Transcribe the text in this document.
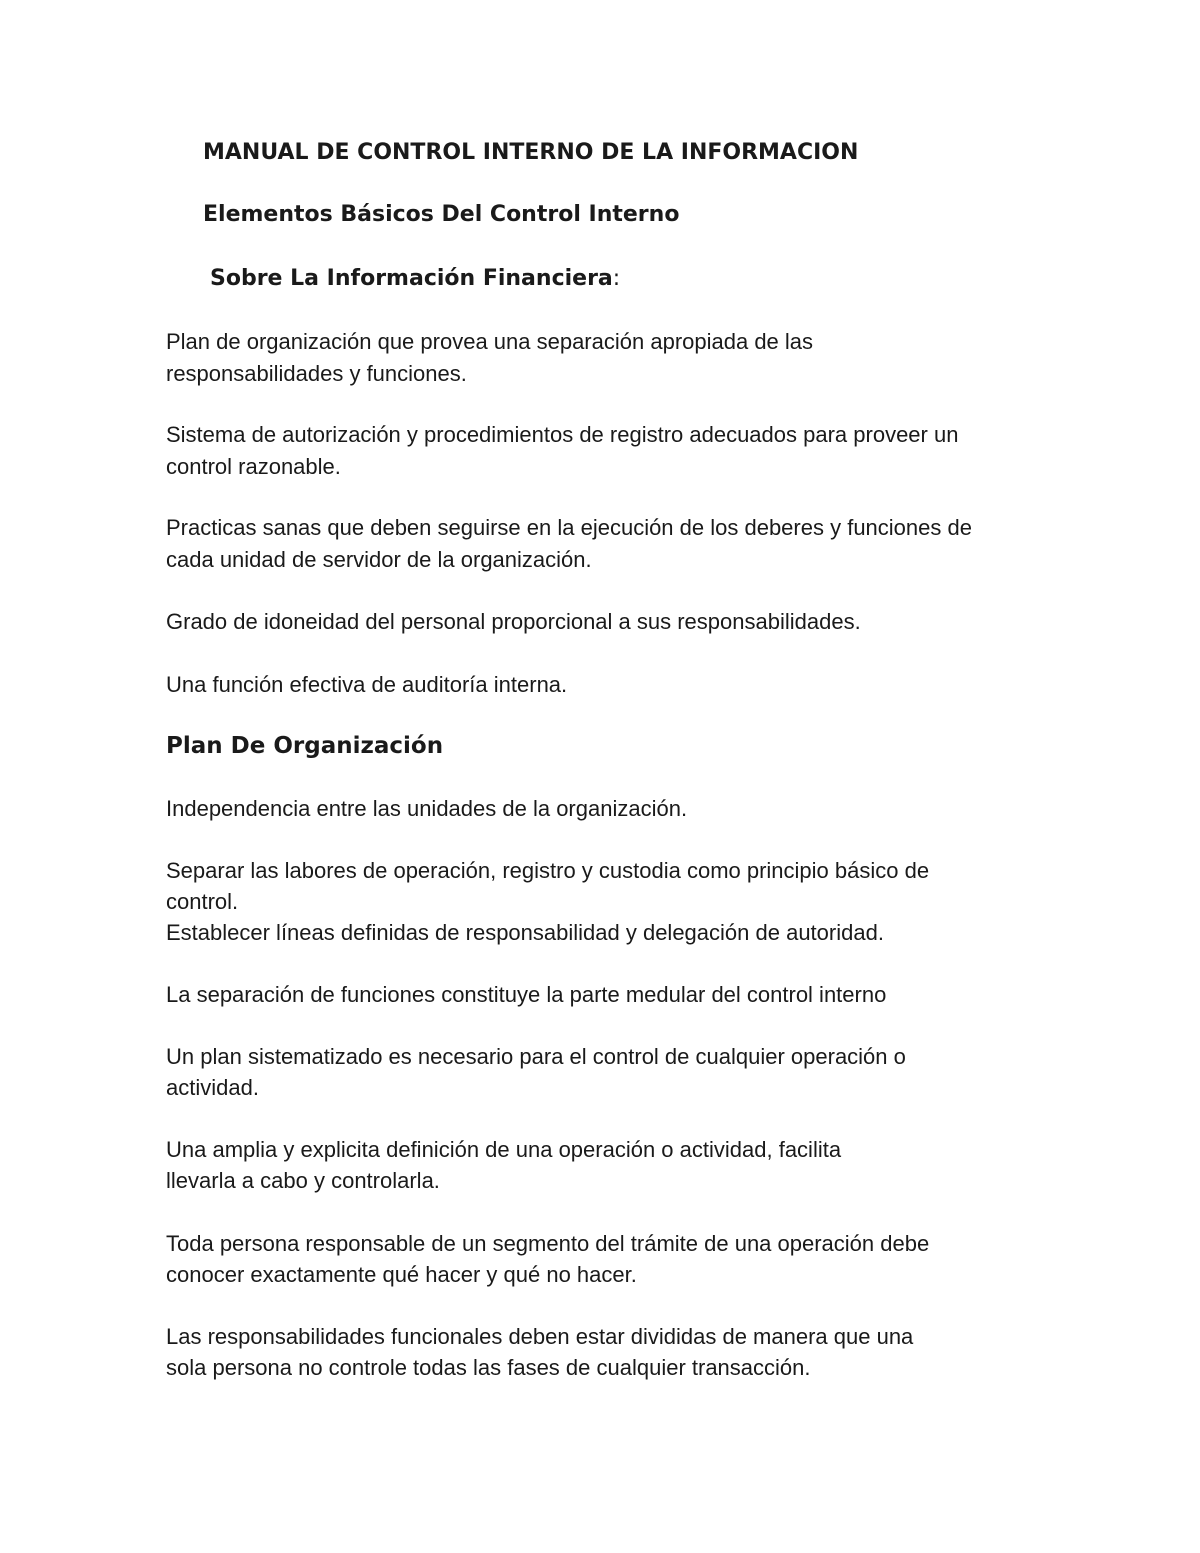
MANUAL DE CONTROL INTERNO DE LA INFORMACION

Elementos Básicos Del Control Interno

Sobre La Información Financiera:

Plan de organización que provea una separación apropiada de las

responsabilidades y funciones.

Sistema de autorización y procedimientos de registro adecuados para proveer un

control razonable.

Practicas sanas que deben seguirse en la ejecución de los deberes y funciones de

cada unidad de servidor de la organización.

Grado de idoneidad del personal proporcional a sus responsabilidades.

Una función efectiva de auditoría interna.

Plan De Organización

Independencia entre las unidades de la organización.

Separar las labores de operación, registro y custodia como principio básico de

control.

Establecer líneas definidas de responsabilidad y delegación de autoridad.

La separación de funciones constituye la parte medular del control interno

Un plan sistematizado es necesario para el control de cualquier operación o

actividad.

Una amplia y explicita definición de una operación o actividad, facilita

llevarla a cabo y controlarla.

Toda persona responsable de un segmento del trámite de una operación debe

conocer exactamente qué hacer y qué no hacer.

Las responsabilidades funcionales deben estar divididas de manera que una

sola persona no controle todas las fases de cualquier transacción.
